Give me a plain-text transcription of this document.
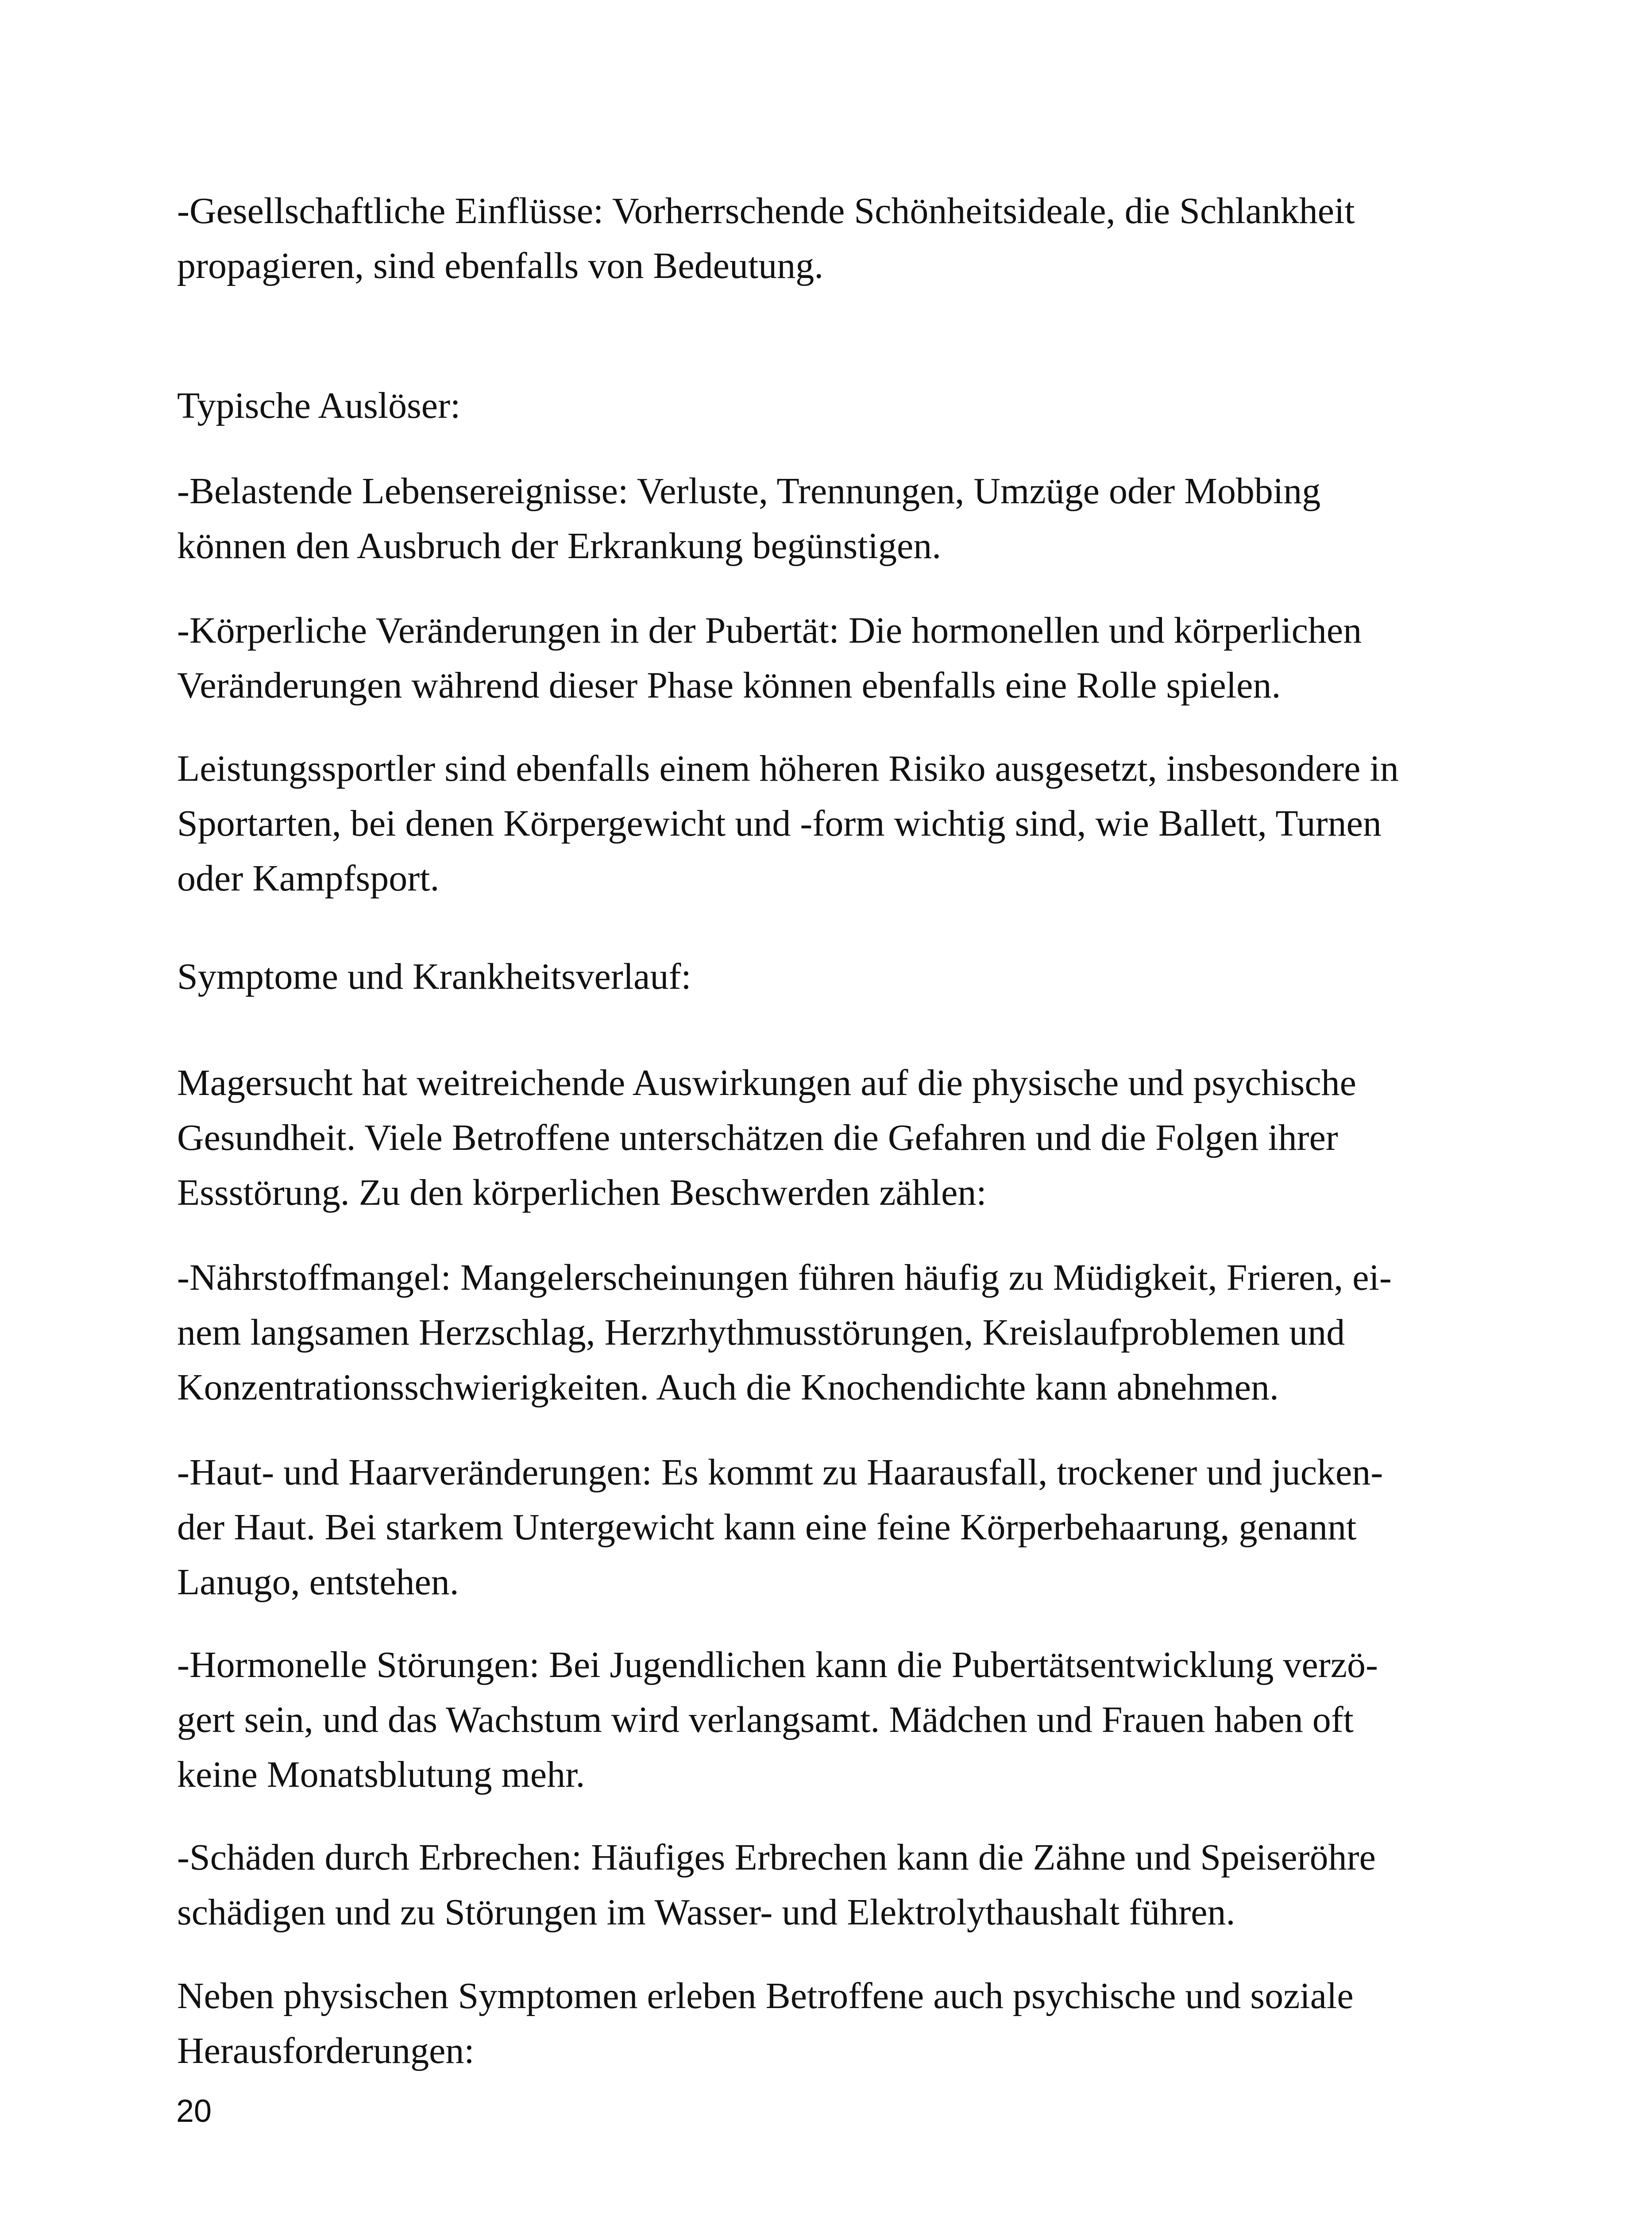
-Gesellschaftliche Einflüsse: Vorherrschende Schönheitsideale, die Schlankheit
propagieren, sind ebenfalls von Bedeutung.

Typische Auslöser:

-Belastende Lebensereignisse: Verluste, Trennungen, Umzüge oder Mobbing
können den Ausbruch der Erkrankung begünstigen.

-Körperliche Veränderungen in der Pubertät: Die hormonellen und körperlichen
Veränderungen während dieser Phase können ebenfalls eine Rolle spielen.

Leistungssportler sind ebenfalls einem höheren Risiko ausgesetzt, insbesondere in
Sportarten, bei denen Körpergewicht und -form wichtig sind, wie Ballett, Turnen
oder Kampfsport.

Symptome und Krankheitsverlauf:

Magersucht hat weitreichende Auswirkungen auf die physische und psychische
Gesundheit. Viele Betroffene unterschätzen die Gefahren und die Folgen ihrer
Essstörung. Zu den körperlichen Beschwerden zählen:

-Nährstoffmangel: Mangelerscheinungen führen häufig zu Müdigkeit, Frieren, ei-
nem langsamen Herzschlag, Herzrhythmusstörungen, Kreislaufproblemen und
Konzentrationsschwierigkeiten. Auch die Knochendichte kann abnehmen.

-Haut- und Haarveränderungen: Es kommt zu Haarausfall, trockener und jucken-
der Haut. Bei starkem Untergewicht kann eine feine Körperbehaarung, genannt
Lanugo, entstehen.

-Hormonelle Störungen: Bei Jugendlichen kann die Pubertätsentwicklung verzö-
gert sein, und das Wachstum wird verlangsamt. Mädchen und Frauen haben oft
keine Monatsblutung mehr.

-Schäden durch Erbrechen: Häufiges Erbrechen kann die Zähne und Speiseröhre
schädigen und zu Störungen im Wasser- und Elektrolythaushalt führen.

Neben physischen Symptomen erleben Betroffene auch psychische und soziale
Herausforderungen:

20
